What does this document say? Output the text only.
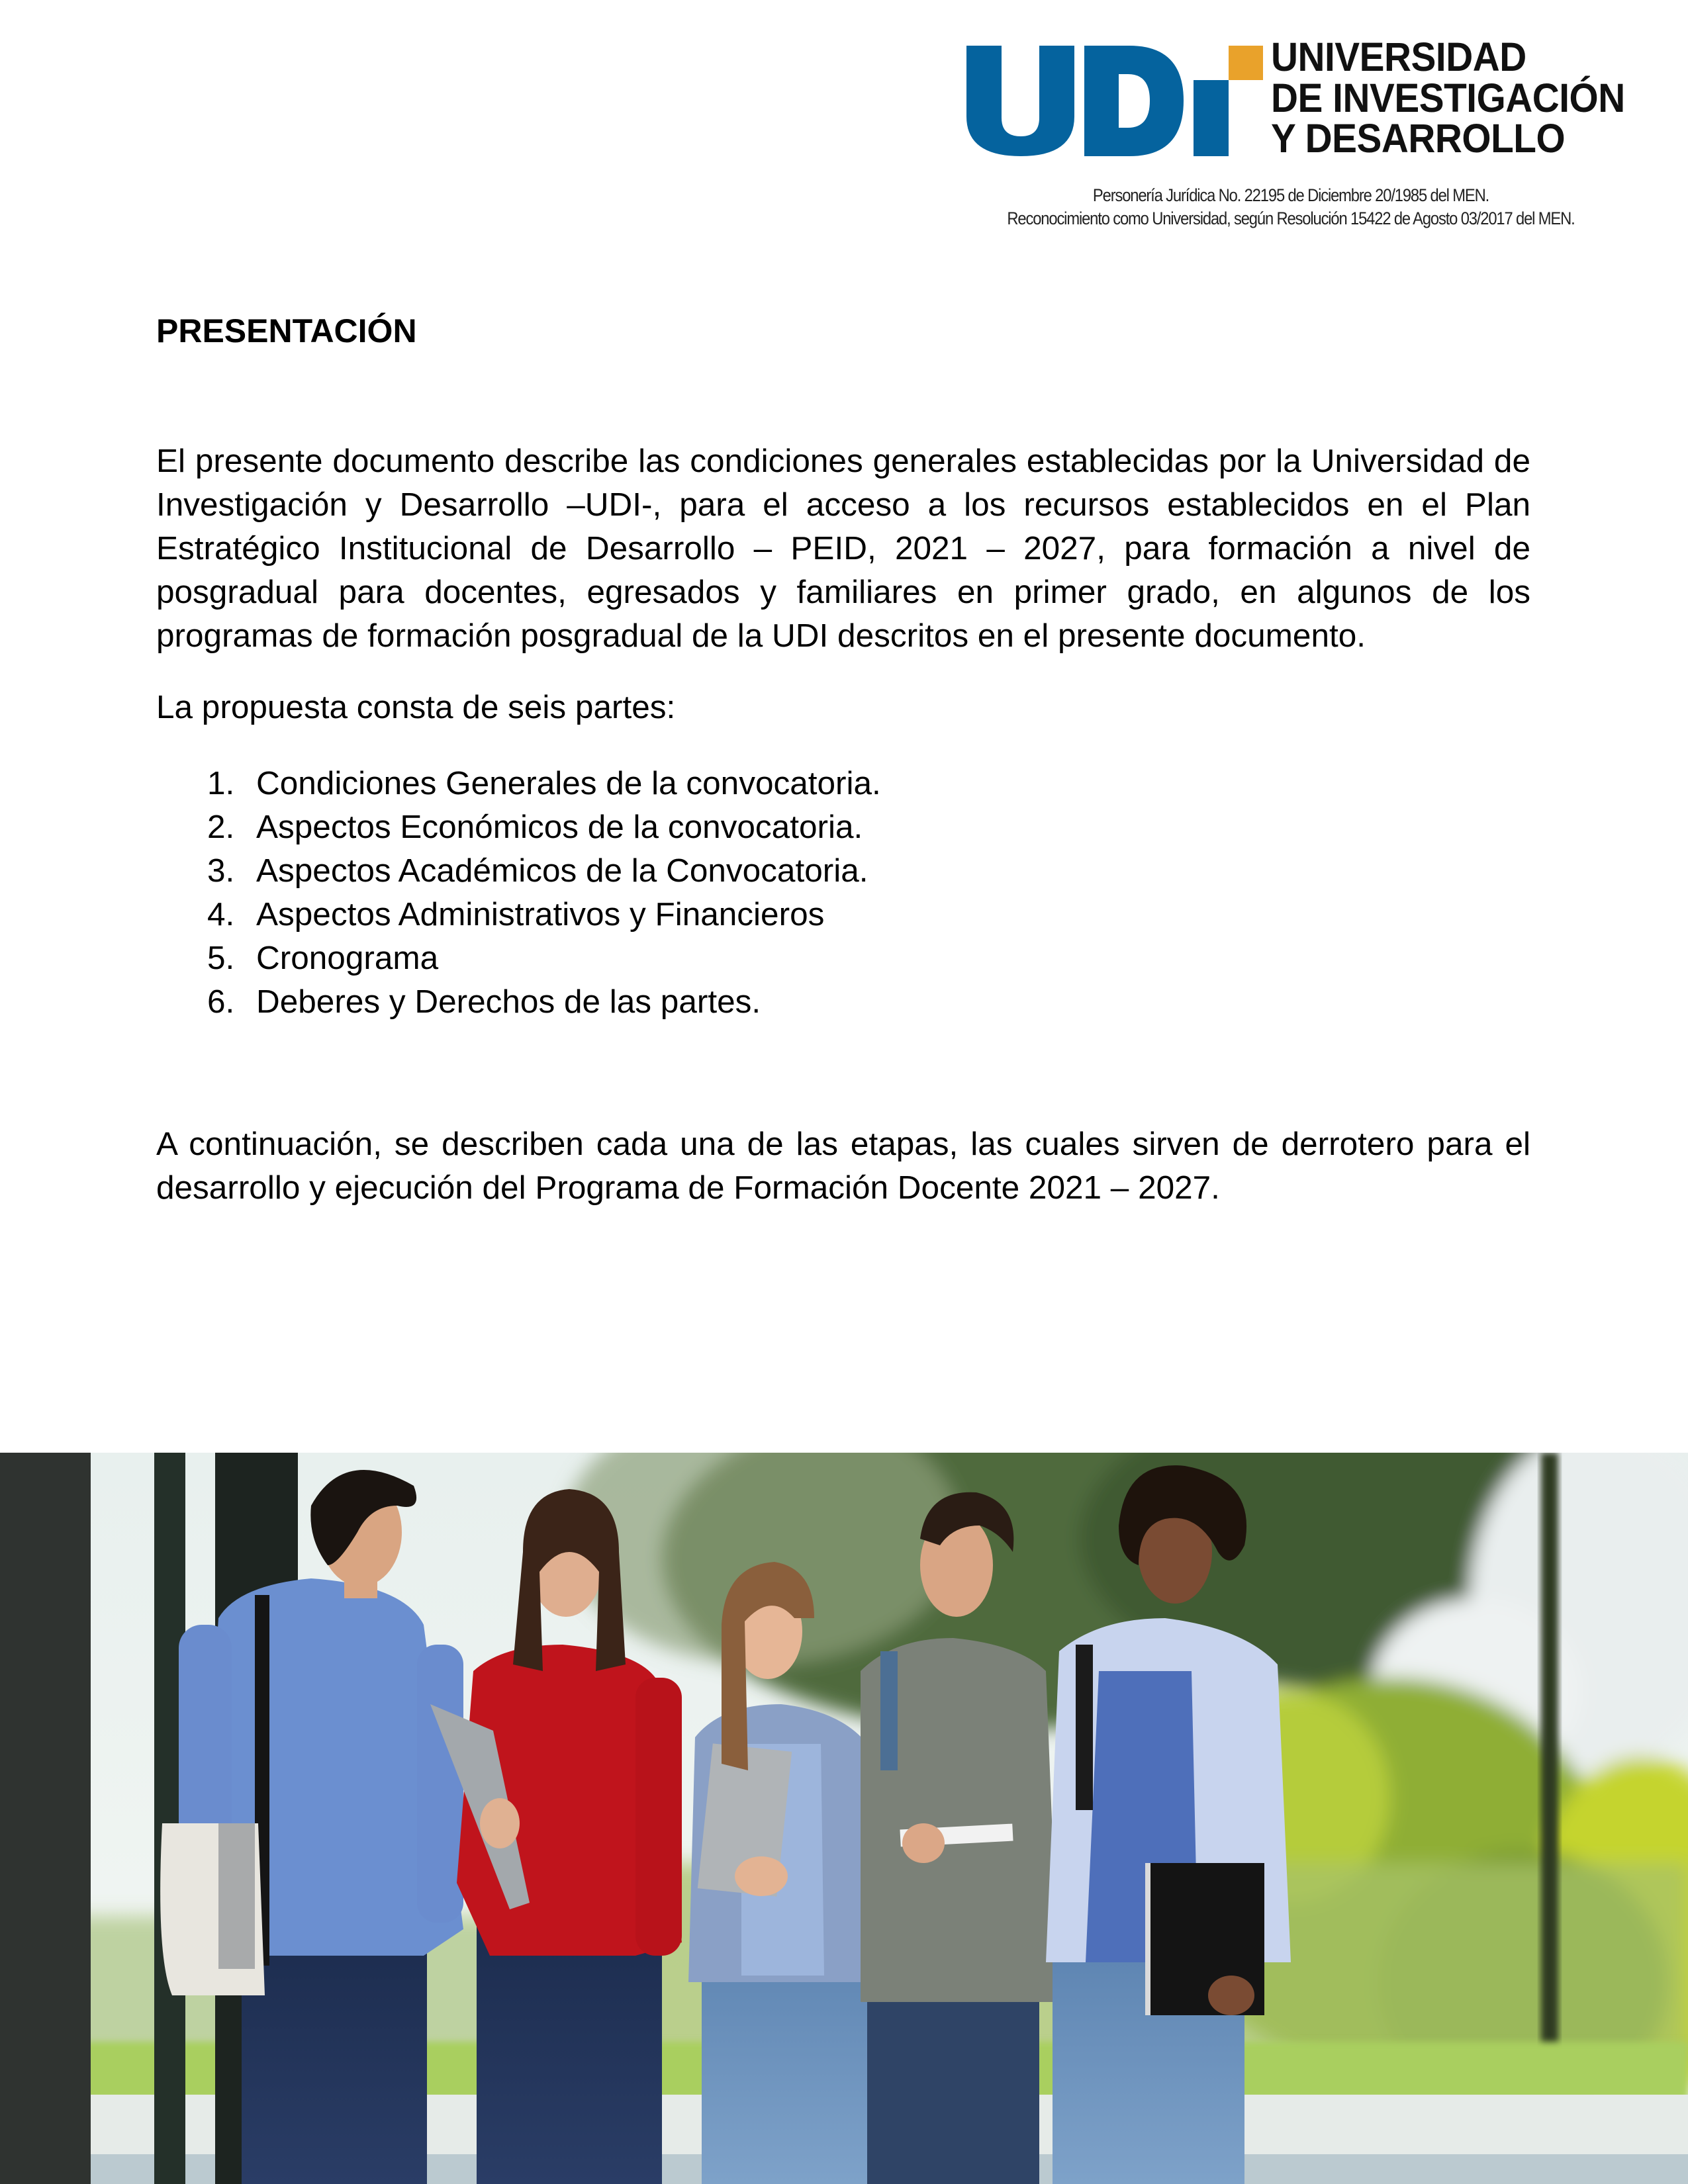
UNIVERSIDAD
DE INVESTIGACIÓN
Y DESARROLLO
Personería Jurídica No. 22195 de Diciembre 20/1985 del MEN.
Reconocimiento como Universidad, según Resolución 15422 de Agosto 03/2017 del MEN.
PRESENTACIÓN

El presente documento describe las condiciones generales establecidas por la Universidad de Investigación y Desarrollo –UDI-, para el acceso a los recursos establecidos en el Plan Estratégico Institucional de Desarrollo – PEID, 2021 – 2027, para formación a nivel de posgradual para docentes, egresados y familiares en primer grado, en algunos de los programas de formación posgradual de la UDI descritos en el presente documento.

La propuesta consta de seis partes:

1. Condiciones Generales de la convocatoria.
2. Aspectos Económicos de la convocatoria.
3. Aspectos Académicos de la Convocatoria.
4. Aspectos Administrativos y Financieros
5. Cronograma
6. Deberes y Derechos de las partes.

A continuación, se describen cada una de las etapas, las cuales sirven de derrotero para el desarrollo y ejecución del Programa de Formación Docente 2021 – 2027.
